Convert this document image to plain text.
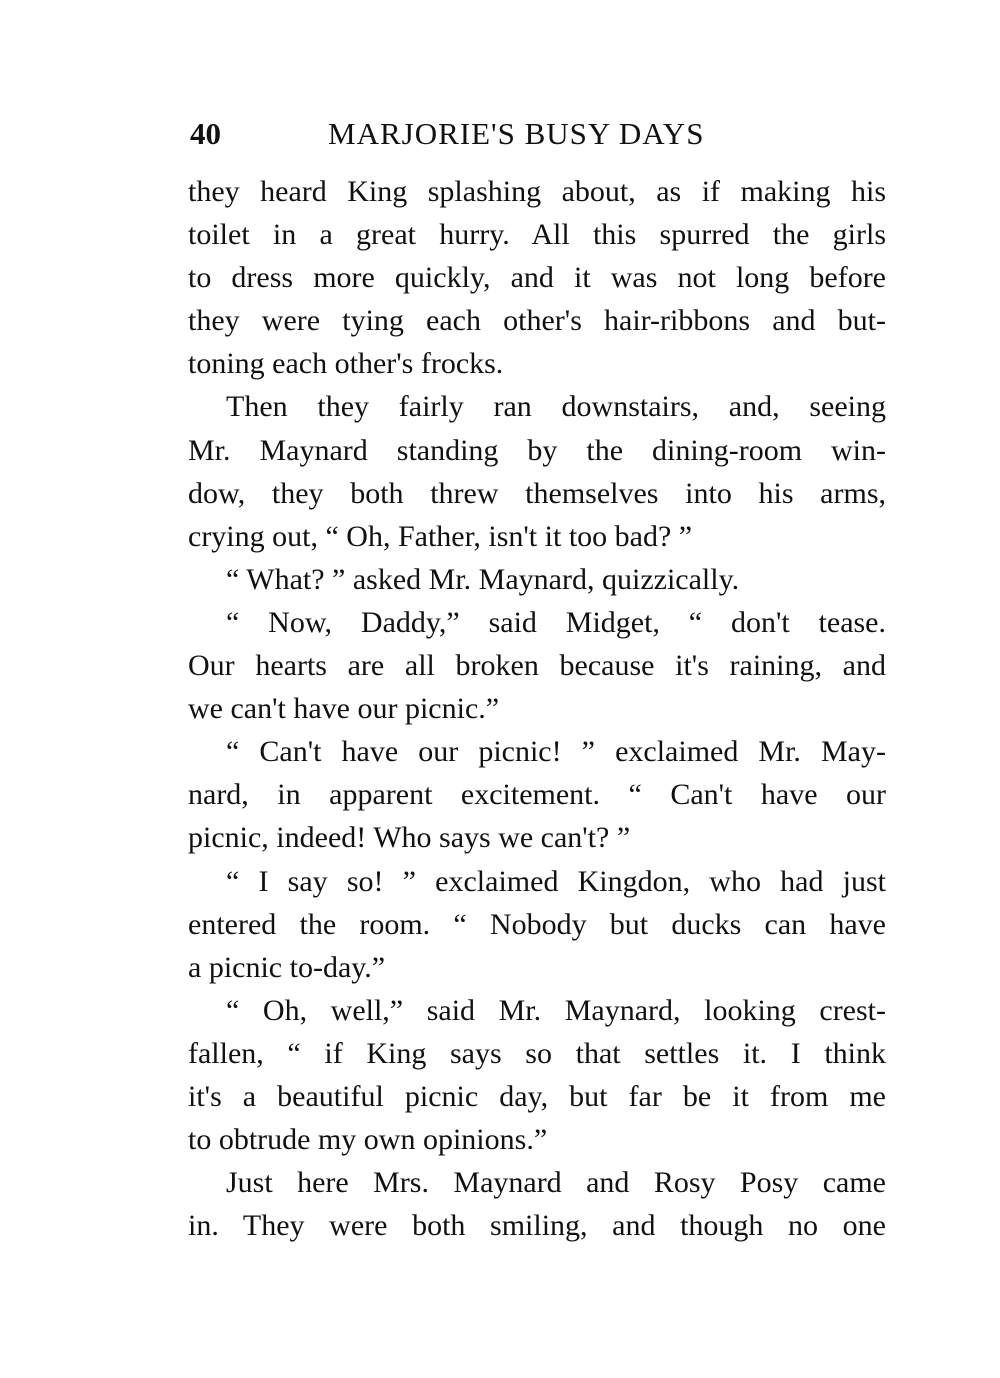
40	MARJORIE'S BUSY DAYS
they heard King splashing about, as if making his
toilet in a great hurry. All this spurred the girls
to dress more quickly, and it was not long before
they were tying each other's hair-ribbons and but-
toning each other's frocks.
Then they fairly ran downstairs, and, seeing
Mr. Maynard standing by the dining-room win-
dow, they both threw themselves into his arms,
crying out, “ Oh, Father, isn't it too bad? ”
“ What? ” asked Mr. Maynard, quizzically.
“ Now, Daddy,” said Midget, “ don't tease.
Our hearts are all broken because it's raining, and
we can't have our picnic.”
“ Can't have our picnic! ” exclaimed Mr. May-
nard, in apparent excitement. “ Can't have our
picnic, indeed! Who says we can't? ”
“ I say so! ” exclaimed Kingdon, who had just
entered the room. “ Nobody but ducks can have
a picnic to-day.”
“ Oh, well,” said Mr. Maynard, looking crest-
fallen, “ if King says so that settles it. I think
it's a beautiful picnic day, but far be it from me
to obtrude my own opinions.”
Just here Mrs. Maynard and Rosy Posy came
in. They were both smiling, and though no one
